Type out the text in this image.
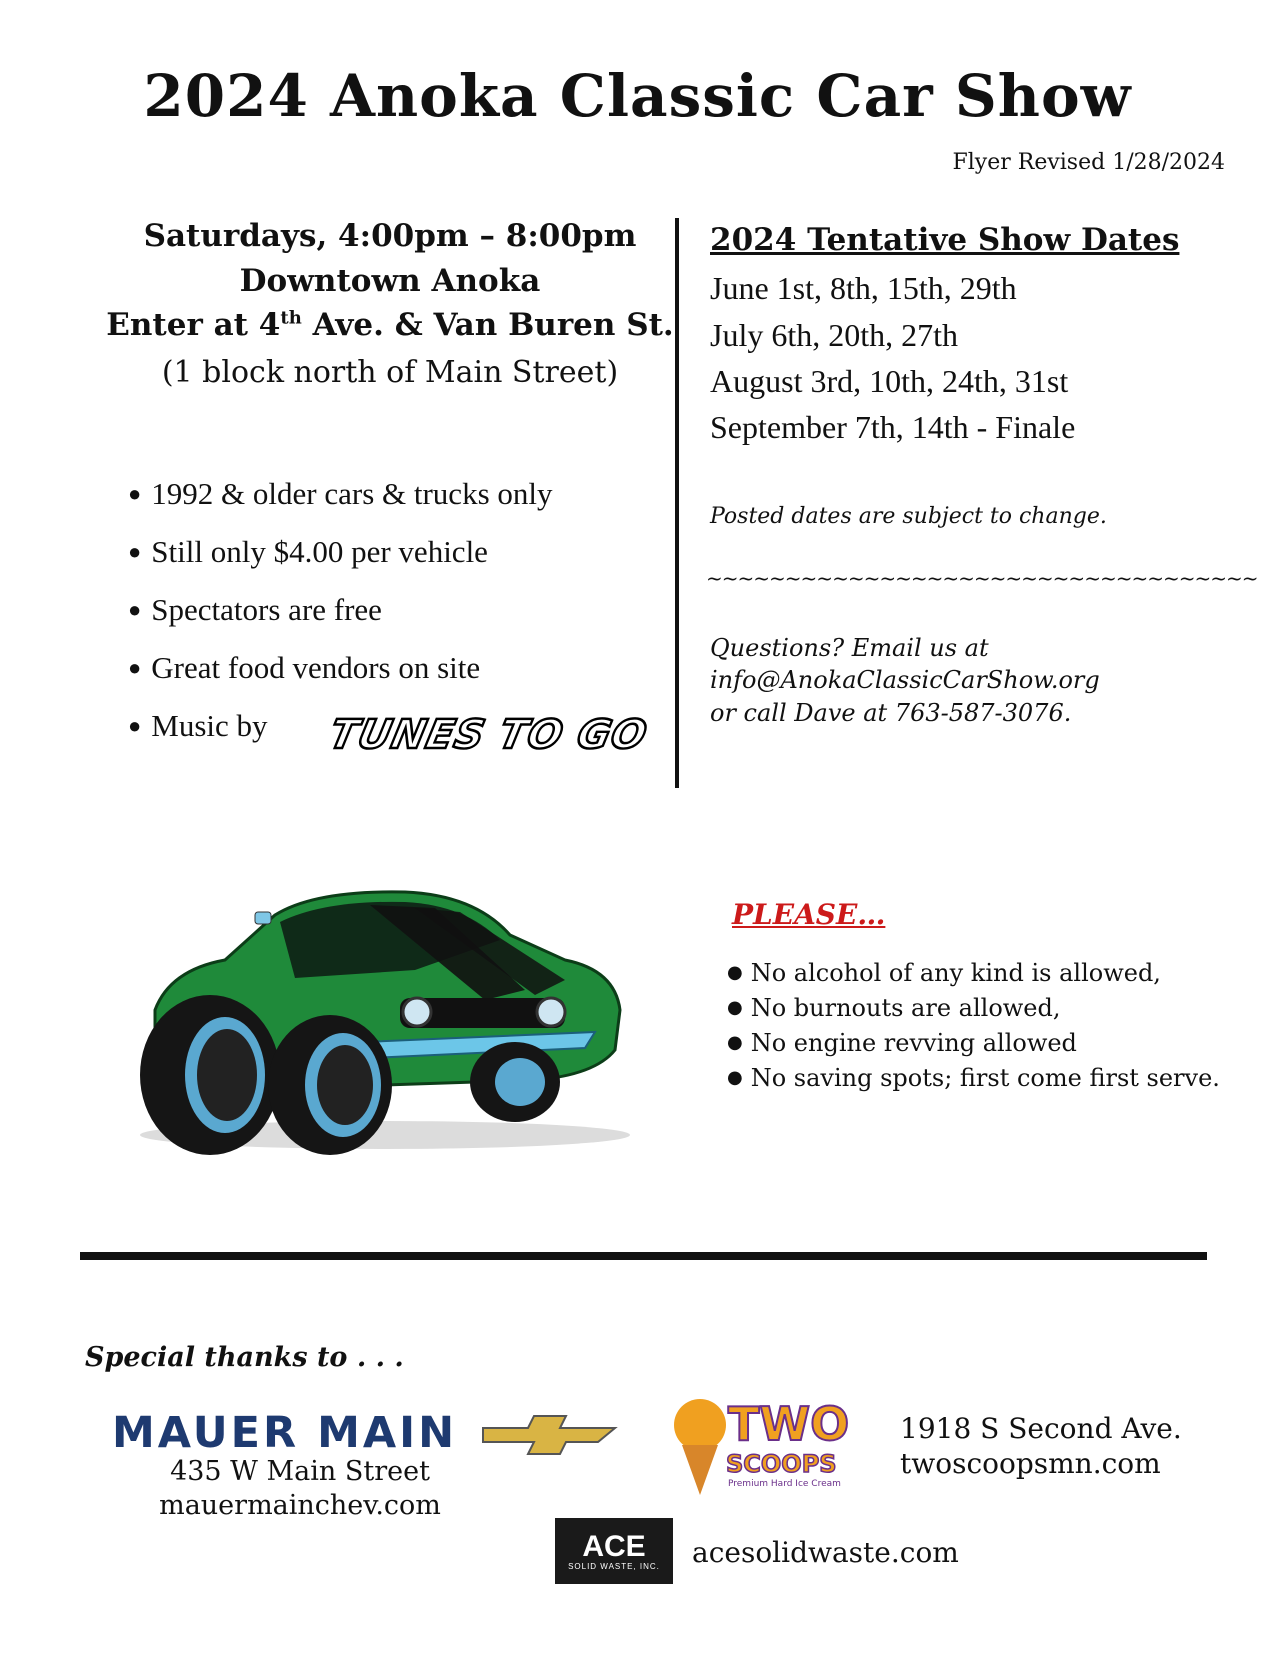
2024 Anoka Classic Car Show
Flyer Revised 1/28/2024
Saturdays, 4:00pm – 8:00pm
Downtown Anoka
Enter at 4th Ave. & Van Buren St.
(1 block north of Main Street)
● 1992 & older cars & trucks only
● Still only $4.00 per vehicle
● Spectators are free
● Great food vendors on site
● Music by TUNES TO GO
2024 Tentative Show Dates
June 1st, 8th, 15th, 29th
July 6th, 20th, 27th
August 3rd, 10th, 24th, 31st
September 7th, 14th - Finale
Posted dates are subject to change.
~~~~~~~~~~~~~~~~~~~~~~~~~~~~~~~~~~~
Questions? Email us at
info@AnokaClassicCarShow.org
or call Dave at 763-587-3076.
PLEASE…
● No alcohol of any kind is allowed,
● No burnouts are allowed,
● No engine revving allowed
● No saving spots; first come first serve.
Special thanks to . . .
MAUER MAIN
435 W Main Street
mauermainchev.com
TWO
SCOOPS
Premium Hard Ice Cream
1918 S Second Ave.
twoscoopsmn.com
ACE
SOLID WASTE, INC. acesolidwaste.com
